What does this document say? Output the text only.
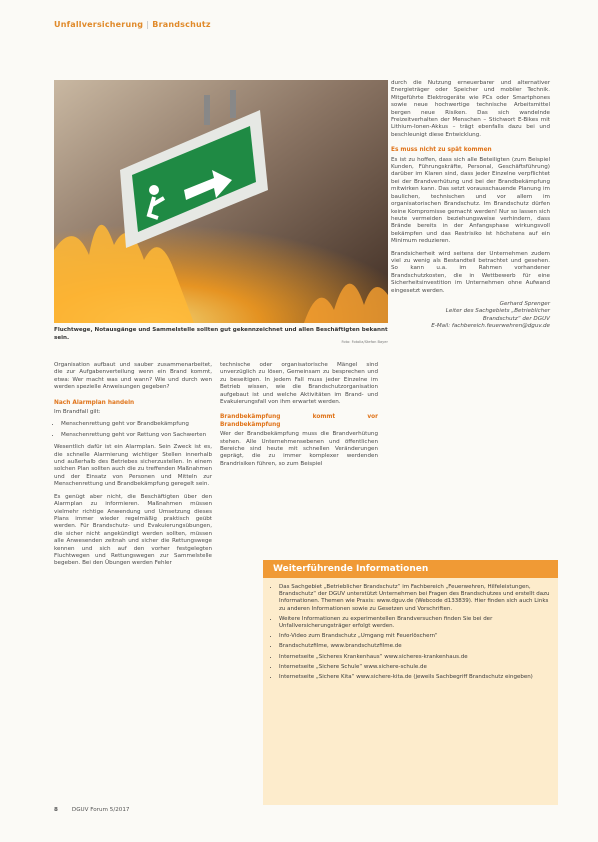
Unfallversicherung | Brandschutz
Fluchtwege, Notausgänge und Sammelstelle sollten gut gekennzeichnet und allen Beschäftigten bekannt sein.
Foto: Fotolia/Stefan Bayer

Organisation aufbaut und sauber zusammenarbeitet, die zur Aufgabenverteilung wenn ein Brand kommt, etwa: Wer macht was und wann? Wie und durch wen werden spezielle Anweisungen gegeben?

Nach Alarmplan handeln

Im Brandfall gilt:

• Menschenrettung geht vor Brandbekämpfung
• Menschenrettung geht vor Rettung von Sachwerten

Wesentlich dafür ist ein Alarmplan. Sein Zweck ist es, die schnelle Alarmierung wichtiger Stellen innerhalb und außerhalb des Betriebes sicherzustellen. In einem solchen Plan sollten auch die zu treffenden Maßnahmen und der Einsatz von Personen und Mitteln zur Menschenrettung und Brandbekämpfung geregelt sein.

Es genügt aber nicht, die Beschäftigten über den Alarmplan zu informieren. Maßnahmen müssen vielmehr richtige Anwendung und Umsetzung dieses Plans immer wieder regelmäßig praktisch geübt werden. Für Brandschutz- und Evakuierungsübungen, die sicher nicht angekündigt werden sollten, müssen alle Anwesenden zeitnah und sicher die Rettungswege kennen und sich auf den vorher festgelegten Fluchtwegen und Rettungswegen zur Sammelstelle begeben. Bei den Übungen werden Fehler

technische oder organisatorische Mängel sind unverzüglich zu lösen, Gemeinsam zu besprechen und zu beseitigen. In jedem Fall muss jeder Einzelne im Betrieb wissen, wie die Brandschutzorganisation aufgebaut ist und welche Aktivitäten im Brand- und Evakuierungsfall von ihm erwartet werden.

Brandbekämpfung kommt vor Brandbekämpfung

Wer der Brandbekämpfung muss die Brandverhütung stehen. Alle Unternehmensebenen und öffentlichen Bereiche sind heute mit schnellen Veränderungen geprägt, die zu immer komplexer werdenden Brandrisiken führen, so zum Beispiel

durch die Nutzung erneuerbarer und alternativer Energieträger oder Speicher und mobiler Technik. Mitgeführte Elektrogeräte wie PCs oder Smartphones sowie neue hochwertige technische Arbeitsmittel bergen neue Risiken. Das sich wandelnde Freizeitverhalten der Menschen – Stichwort E-Bikes mit Lithium-Ionen-Akkus – trägt ebenfalls dazu bei und beschleunigt diese Entwicklung.

Es muss nicht zu spät kommen

Es ist zu hoffen, dass sich alle Beteiligten (zum Beispiel Kunden, Führungskräfte, Personal, Geschäftsführung) darüber im Klaren sind, dass jeder Einzelne verpflichtet bei der Brandverhütung und bei der Brandbekämpfung mitwirken kann. Das setzt vorausschauende Planung im baulichen, technischen und vor allem im organisatorischen Brandschutz. Im Brandschutz dürfen keine Kompromisse gemacht werden! Nur so lassen sich heute vermeiden beziehungsweise verhindern, dass Brände bereits in der Anfangsphase wirkungsvoll bekämpfen und das Restrisiko ist höchstens auf ein Minimum reduzieren.

Brandsicherheit wird seitens der Unternehmen zudem viel zu wenig als Bestandteil betrachtet und gesehen. So kann u.a. im Rahmen vorhandener Brandschutzkosten, die in Wettbewerb für eine Sicherheitsinvestition im Unternehmen ohne Aufwand eingesetzt werden.

Gerhard Sprenger
Leiter des Sachgebiets „Betrieblicher
Brandschutz“ der DGUV
E-Mail: fachbereich.feuerwehren@dguv.de
Weiterführende Informationen
• Das Sachgebiet „Betrieblicher Brandschutz“ im Fachbereich „Feuerwehren, Hilfeleistungen, Brandschutz“ der DGUV unterstützt Unternehmen bei Fragen des Brandschutzes und erstellt dazu Informationen. Themen wie Praxis: www.dguv.de (Webcode d133839). Hier finden sich auch Links zu anderen Informationen sowie zu Gesetzen und Vorschriften.
• Weitere Informationen zu experimentellen Brandversuchen finden Sie bei der Unfallversicherungsträger erfolgt werden.
• Info-Video zum Brandschutz „Umgang mit Feuerlöschern“
• Brandschutzfilme, www.brandschutzfilme.de
• Internetseite „Sicheres Krankenhaus“ www.sicheres-krankenhaus.de
• Internetseite „Sichere Schule“ www.sichere-schule.de
• Internetseite „Sichere Kita“ www.sichere-kita.de (jeweils Sachbegriff Brandschutz eingeben)
8	DGUV Forum 5/2017
